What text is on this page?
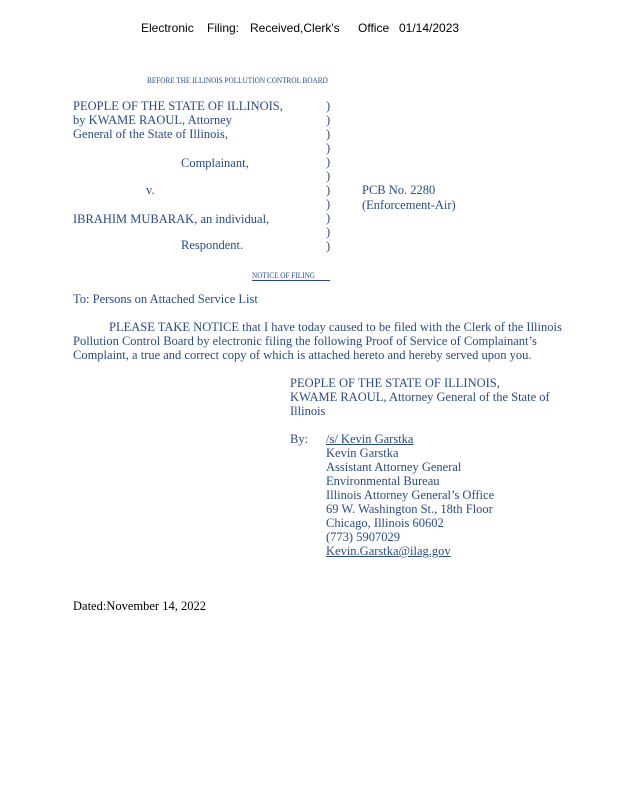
Electronic Filing: Received,Clerk's Office 01/14/2023
BEFORE THE ILLINOIS POLLUTION CONTROL BOARD
PEOPLE OF THE STATE OF ILLINOIS,
by KWAME RAOUL, Attorney
General of the State of Illinois,
Complainant,
v.
IBRAHIM MUBARAK, an individual,
Respondent.
)
)
)
)
)
)
)
)
)
)
)
PCB No. 2280
(Enforcement-Air)
NOTICE OF FILING
To: Persons on Attached Service List
PLEASE TAKE NOTICE that I have today caused to be filed with the Clerk of the Illinois
Pollution Control Board by electronic filing the following Proof of Service of Complainant’s
Complaint, a true and correct copy of which is attached hereto and hereby served upon you.
PEOPLE OF THE STATE OF ILLINOIS,
KWAME RAOUL, Attorney General of the State of
Illinois
By: /s/ Kevin Garstka
Kevin Garstka
Assistant Attorney General
Environmental Bureau
Illinois Attorney General’s Office
69 W. Washington St., 18th Floor
Chicago, Illinois 60602
(773) 5907029
Kevin.Garstka@ilag.gov
Dated:November 14, 2022
